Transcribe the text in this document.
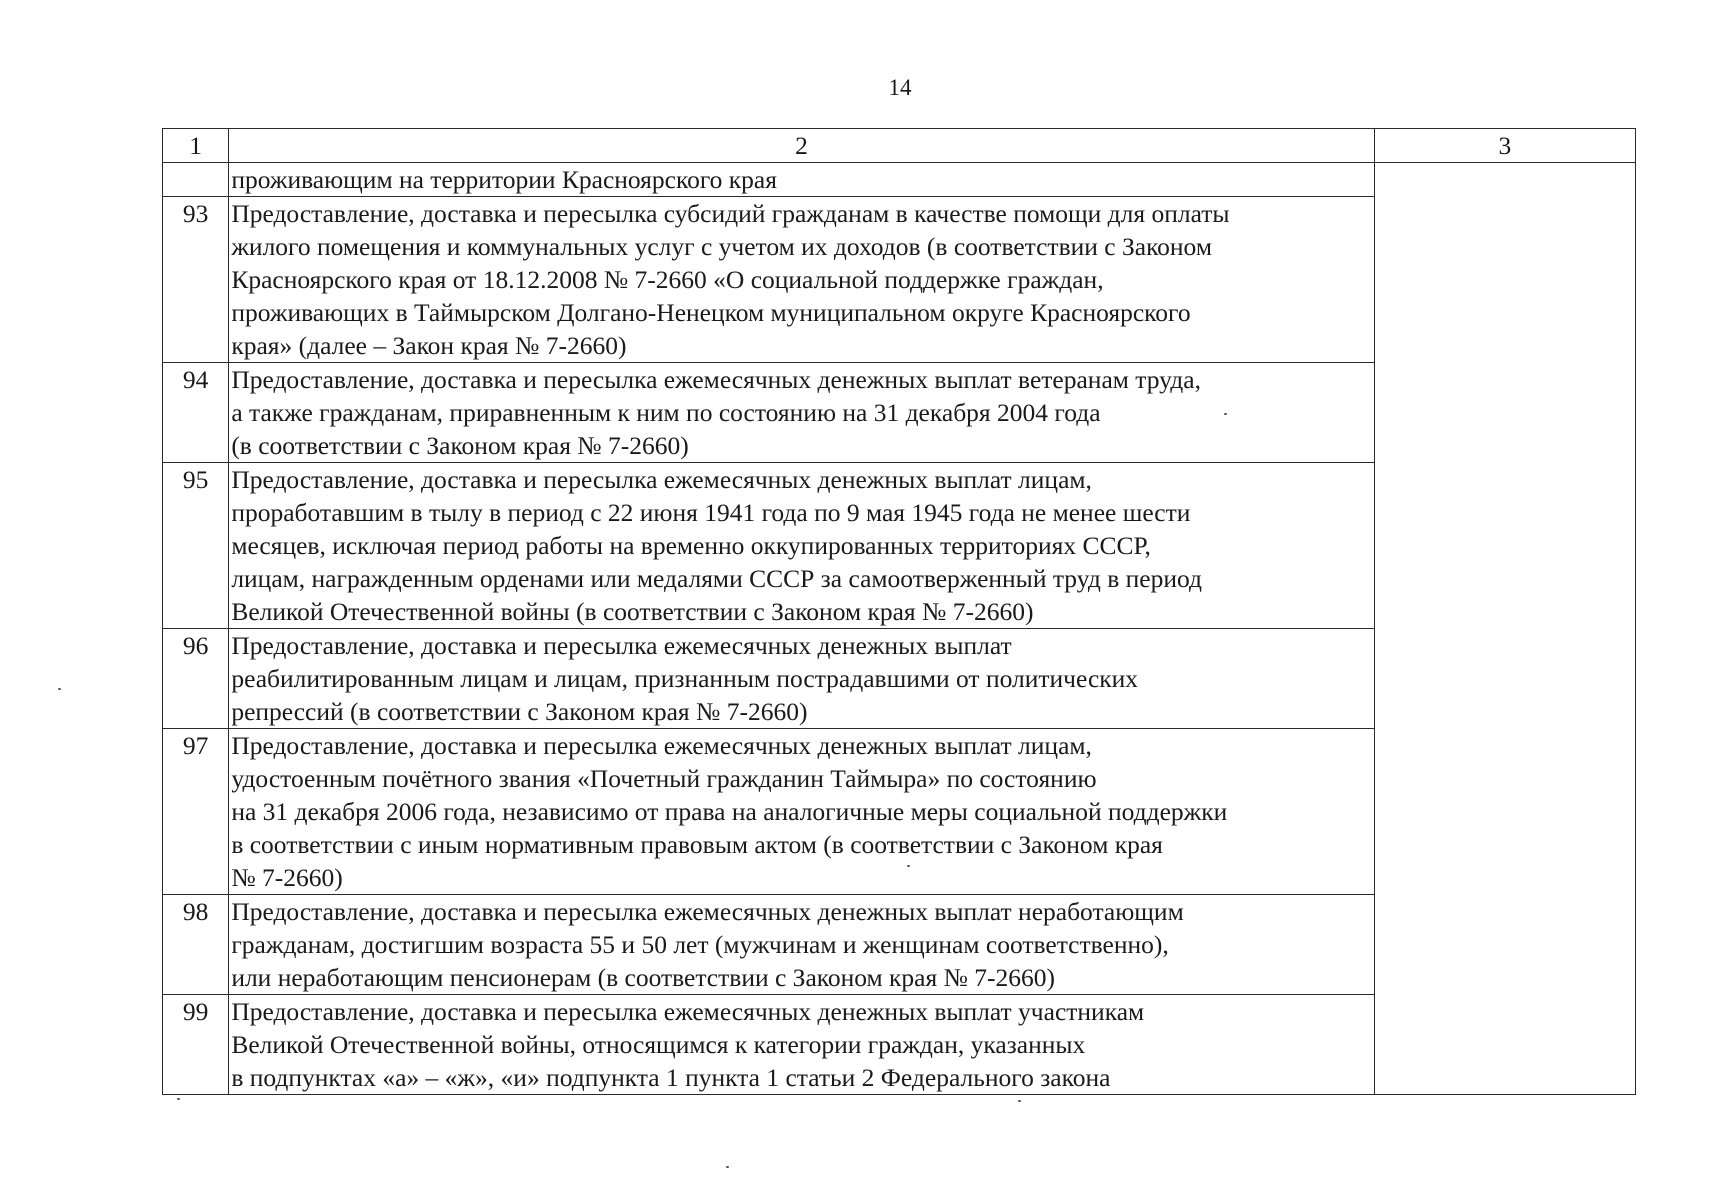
14
1	2	3

	проживающим на территории Красноярского края	

93	Предоставление, доставка и пересылка субсидий гражданам в качестве помощи для оплаты
жилого помещения и коммунальных услуг с учетом их доходов (в соответствии с Законом
Красноярского края от 18.12.2008 № 7-2660 «О социальной поддержке граждан,
проживающих в Таймырском Долгано-Ненецком муниципальном округе Красноярского
края» (далее – Закон края № 7-2660)	

94	Предоставление, доставка и пересылка ежемесячных денежных выплат ветеранам труда,
а также гражданам, приравненным к ним по состоянию на 31 декабря 2004 года
(в соответствии с Законом края № 7-2660)	

95	Предоставление, доставка и пересылка ежемесячных денежных выплат лицам,
проработавшим в тылу в период с 22 июня 1941 года по 9 мая 1945 года не менее шести
месяцев, исключая период работы на временно оккупированных территориях СССР,
лицам, награжденным орденами или медалями СССР за самоотверженный труд в период
Великой Отечественной войны (в соответствии с Законом края № 7-2660)	

96	Предоставление, доставка и пересылка ежемесячных денежных выплат
реабилитированным лицам и лицам, признанным пострадавшими от политических
репрессий (в соответствии с Законом края № 7-2660)	

97	Предоставление, доставка и пересылка ежемесячных денежных выплат лицам,
удостоенным почётного звания «Почетный гражданин Таймыра» по состоянию
на 31 декабря 2006 года, независимо от права на аналогичные меры социальной поддержки
в соответствии с иным нормативным правовым актом (в соответствии с Законом края
№ 7-2660)	

98	Предоставление, доставка и пересылка ежемесячных денежных выплат неработающим
гражданам, достигшим возраста 55 и 50 лет (мужчинам и женщинам соответственно),
или неработающим пенсионерам (в соответствии с Законом края № 7-2660)	

99	Предоставление, доставка и пересылка ежемесячных денежных выплат участникам
Великой Отечественной войны, относящимся к категории граждан, указанных
в подпунктах «а» – «ж», «и» подпункта 1 пункта 1 статьи 2 Федерального закона	
